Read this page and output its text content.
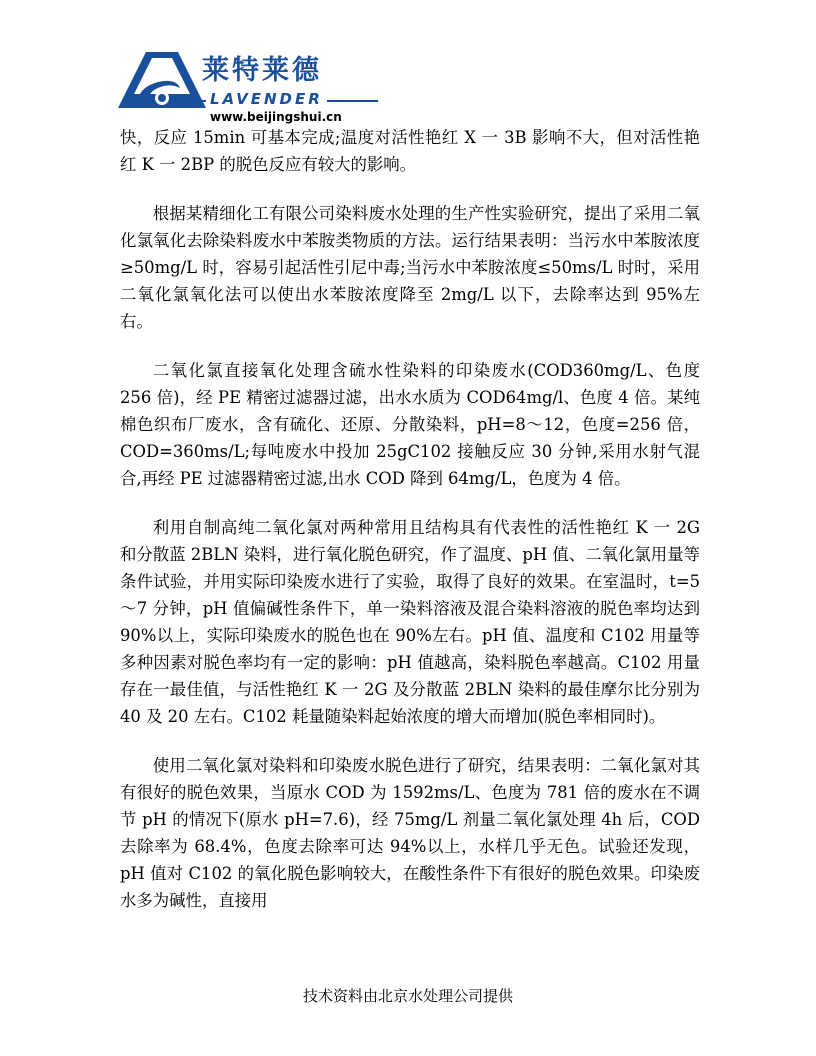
莱特莱德
LAVENDER
www.beijingshui.cn

快，反应 15min 可基本完成;温度对活性艳红 X 一 3B 影响不大，但对活性艳红 K 一 2BP 的脱色反应有较大的影响。

根据某精细化工有限公司染料废水处理的生产性实验研究，提出了采用二氧化氯氧化去除染料废水中苯胺类物质的方法。运行结果表明：当污水中苯胺浓度≥50mg/L 时，容易引起活性引尼中毒;当污水中苯胺浓度≤50ms/L 时时，采用二氧化氯氧化法可以使出水苯胺浓度降至 2mg/L 以下，去除率达到 95%左右。

二氧化氯直接氧化处理含硫水性染料的印染废水(COD360mg/L、色度 256 倍)，经 PE 精密过滤器过滤，出水水质为 COD64mg/l、色度 4 倍。某纯棉色织布厂废水，含有硫化、还原、分散染料，pH=8～12，色度=256 倍，COD=360ms/L;每吨废水中投加 25gC102 接触反应 30 分钟,采用水射气混合,再经 PE 过滤器精密过滤,出水 COD 降到 64mg/L，色度为 4 倍。

利用自制高纯二氧化氯对两种常用且结构具有代表性的活性艳红 K 一 2G 和分散蓝 2BLN 染料，进行氧化脱色研究，作了温度、pH 值、二氧化氯用量等条件试验，并用实际印染废水进行了实验，取得了良好的效果。在室温时，t=5～7 分钟，pH 值偏碱性条件下，单一染料溶液及混合染料溶液的脱色率均达到 90%以上，实际印染废水的脱色也在 90%左右。pH 值、温度和 C102 用量等多种因素对脱色率均有一定的影响：pH 值越高，染料脱色率越高。C102 用量存在一最佳值，与活性艳红 K 一 2G 及分散蓝 2BLN 染料的最佳摩尔比分别为 40 及 20 左右。C102 耗量随染料起始浓度的增大而增加(脱色率相同时)。

使用二氧化氯对染料和印染废水脱色进行了研究，结果表明：二氧化氯对其有很好的脱色效果，当原水 COD 为 1592ms/L、色度为 781 倍的废水在不调节 pH 的情况下(原水 pH=7.6)，经 75mg/L 剂量二氧化氯处理 4h 后，COD 去除率为 68.4%，色度去除率可达 94%以上，水样几乎无色。试验还发现，pH 值对 C102 的氧化脱色影响较大，在酸性条件下有很好的脱色效果。印染废水多为碱性，直接用

技术资料由北京水处理公司提供
